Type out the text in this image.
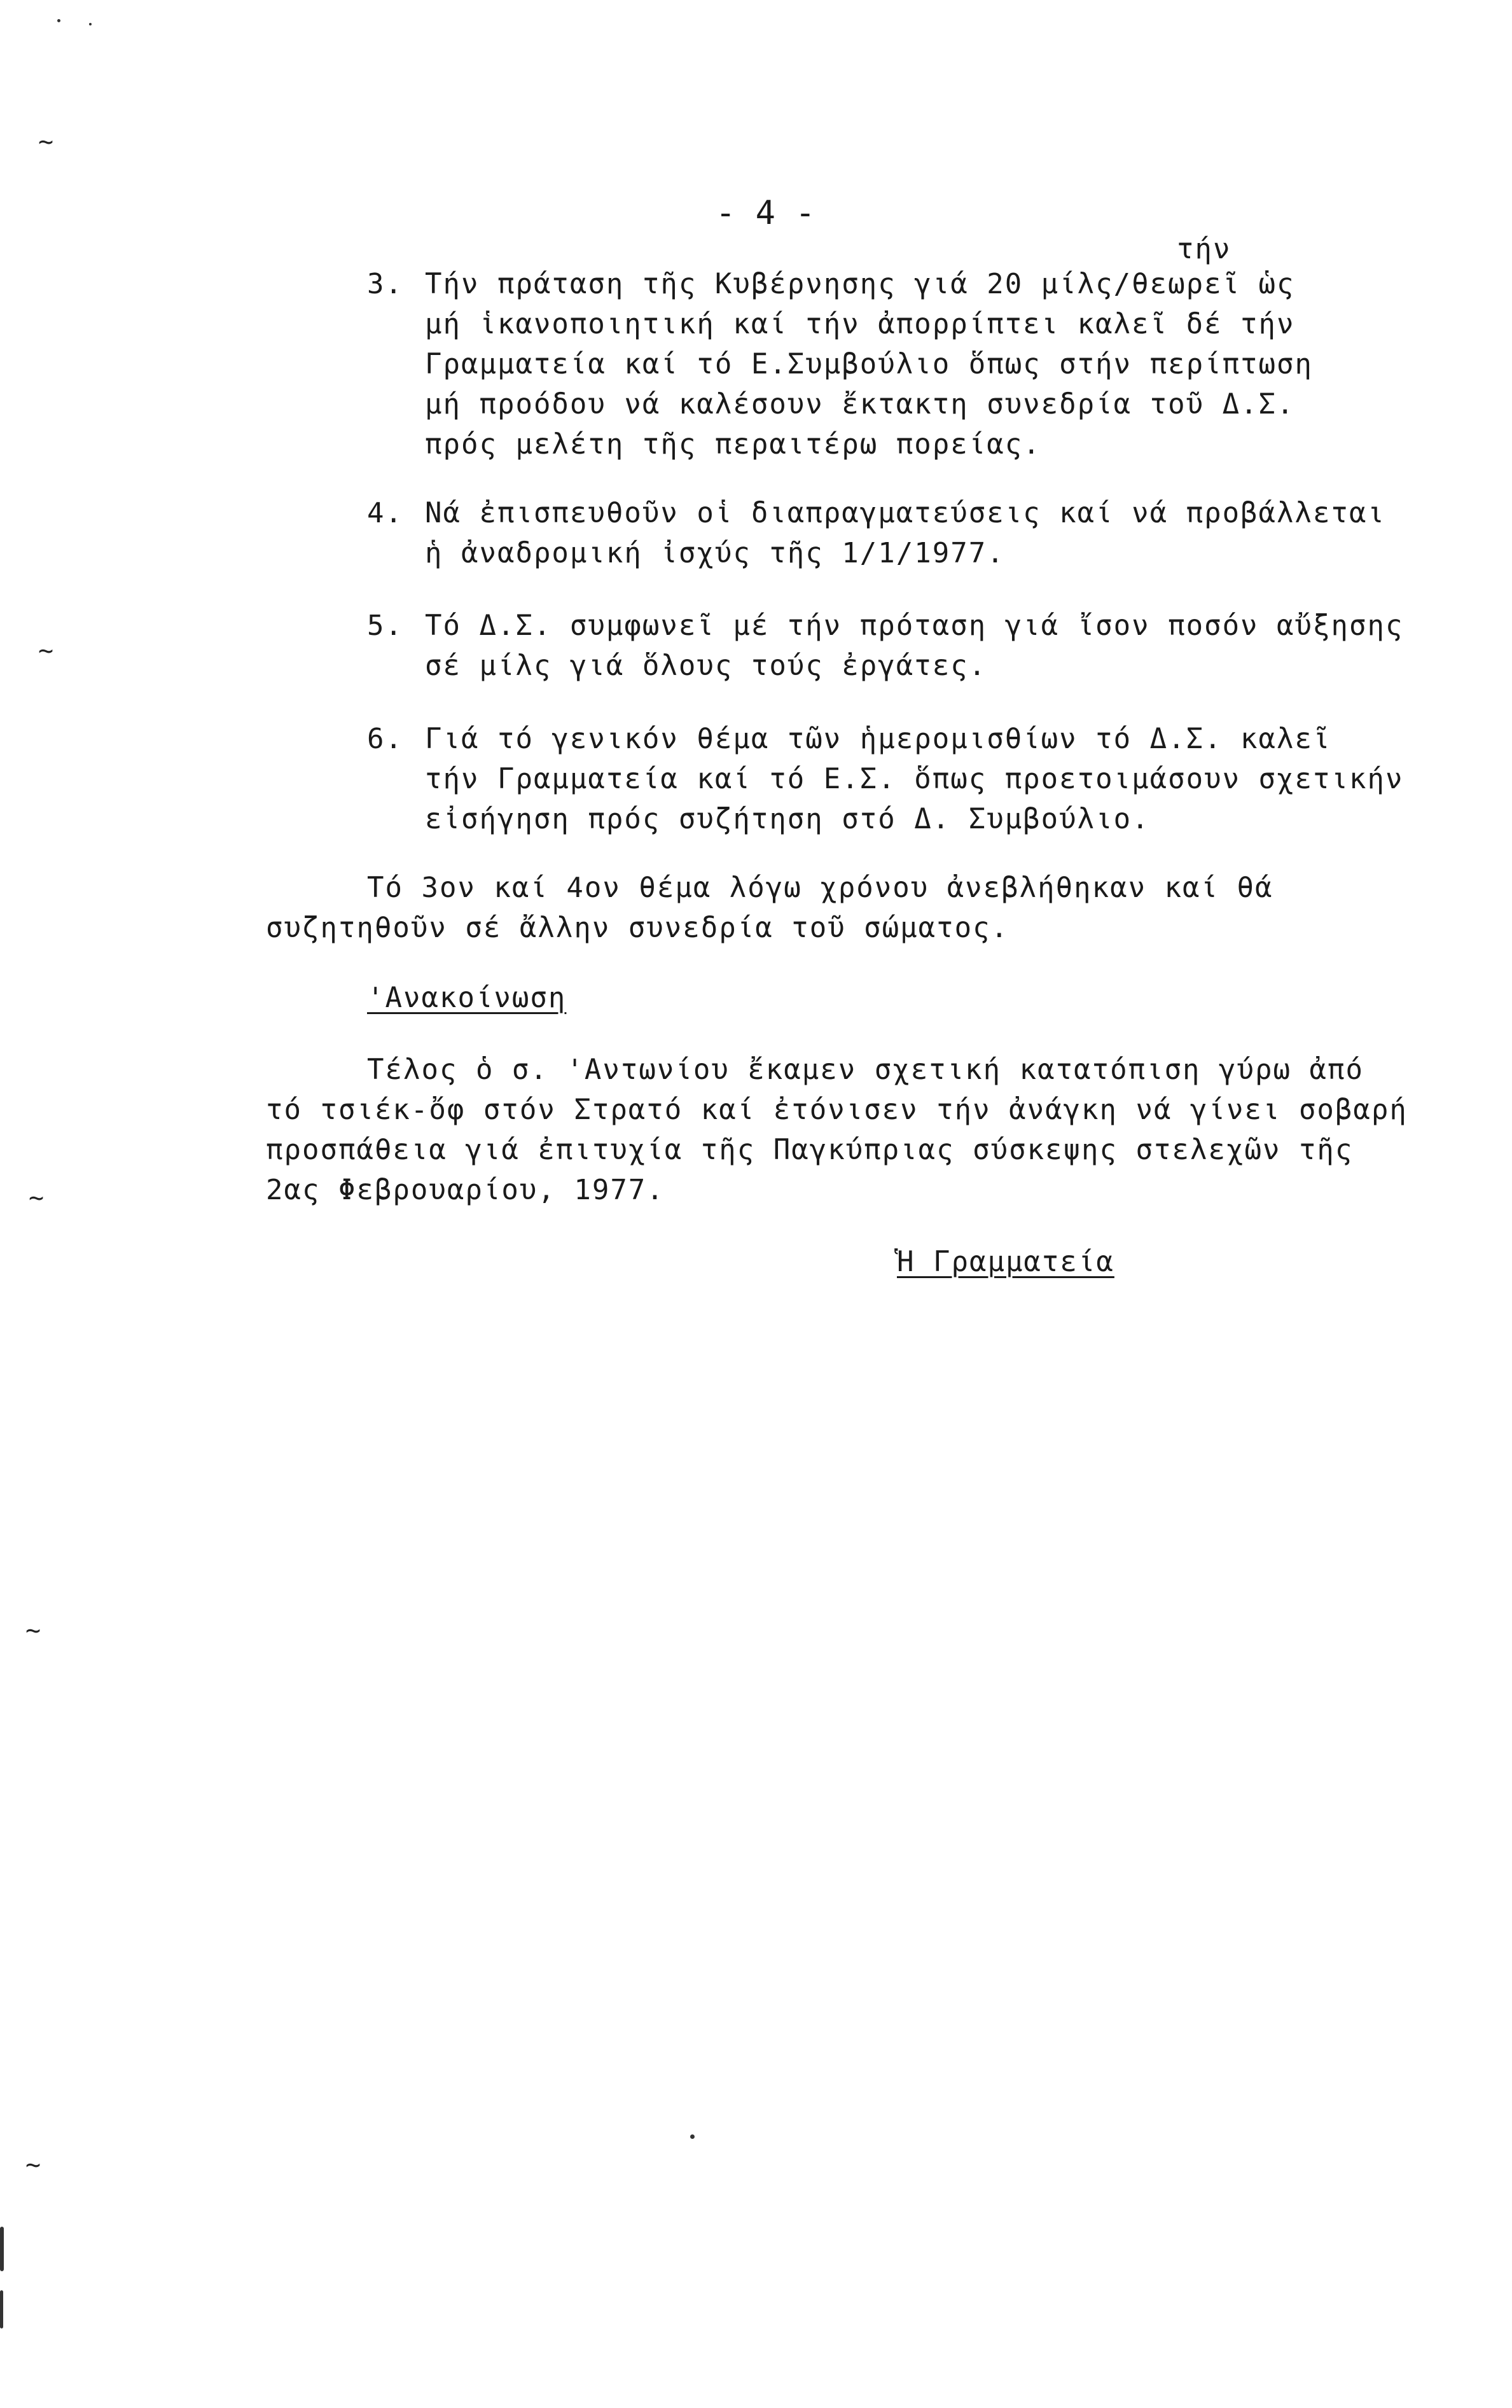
- 4 -
τήν
3. Τήν πράταση τῆς Κυβέρνησης γιά 20 μίλς/θεωρεῖ ὡς
μή ἱκανοποιητική καί τήν ἀπορρίπτει καλεῖ δέ τήν
Γραμματεία καί τό Ε.Συμβούλιο ὅπως στήν περίπτωση
μή προόδου νά καλέσουν ἔκτακτη συνεδρία τοῦ Δ.Σ.
πρός μελέτη τῆς περαιτέρω πορείας.
4. Νά ἐπισπευθοῦν οἱ διαπραγματεύσεις καί νά προβάλλεται
ἡ ἀναδρομική ἰσχύς τῆς 1/1/1977.
5. Τό Δ.Σ. συμφωνεῖ μέ τήν πρόταση γιά ἴσον ποσόν αὔξησης
σέ μίλς γιά ὅλους τούς ἐργάτες.
6. Γιά τό γενικόν θέμα τῶν ἡμερομισθίων τό Δ.Σ. καλεῖ
τήν Γραμματεία καί τό Ε.Σ. ὅπως προετοιμάσουν σχετικήν
εἰσήγηση πρός συζήτηση στό Δ. Συμβούλιο.
Τό 3ον καί 4ον θέμα λόγω χρόνου ἀνεβλήθηκαν καί θά
συζητηθοῦν σέ ἄλλην συνεδρία τοῦ σώματος.
'Ανακοίνωση
Τέλος ὁ σ. 'Αντωνίου ἔκαμεν σχετική κατατόπιση γύρω ἀπό
τό τσιέκ-ὄφ στόν Στρατό καί ἐτόνισεν τήν ἀνάγκη νά γίνει σοβαρή
προσπάθεια γιά ἐπιτυχία τῆς Παγκύπριας σύσκεψης στελεχῶν τῆς
2ας Φεβρουαρίου, 1977.
Ἡ Γραμματεία
~
~
~
~
~
